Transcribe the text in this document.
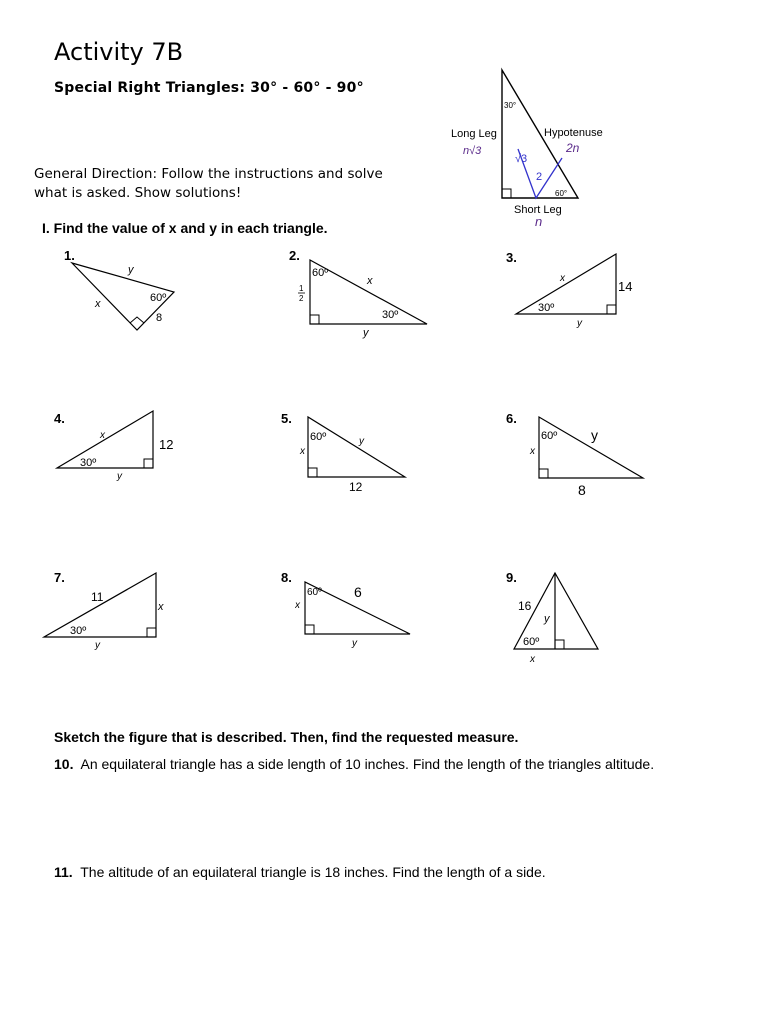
Activity 7B
Special Right Triangles: 30° - 60° - 90°
General Direction: Follow the instructions and solve what is asked. Show solutions!
I. Find the value of x and y in each triangle.
30°
60°
Long Leg
n√3
Hypotenuse
2n
√3
2
Short Leg
n
1.	2.	3.
4.	5.	6.
7.	8.	9.
y
x	60º
8
60º
1
2
x
30º
y
x
14
30º
y
x
12
30º
y
x
60º	y
12
x
60º y
8
11
x
30º
y
x
60º 6
y
16
y
60º
x
Sketch the figure that is described. Then, find the requested measure.
10. An equilateral triangle has a side length of 10 inches. Find the length of the triangles altitude.
11. The altitude of an equilateral triangle is 18 inches. Find the length of a side.
